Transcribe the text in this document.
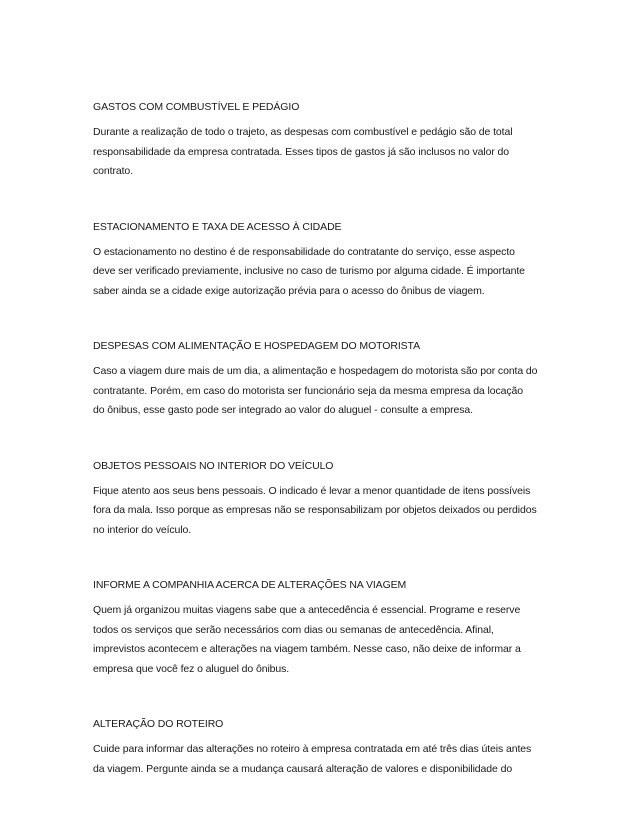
GASTOS COM COMBUSTÍVEL E PEDÁGIO

Durante a realização de todo o trajeto, as despesas com combustível e pedágio são de total
responsabilidade da empresa contratada. Esses tipos de gastos já são inclusos no valor do
contrato.

ESTACIONAMENTO E TAXA DE ACESSO À CIDADE

O estacionamento no destino é de responsabilidade do contratante do serviço, esse aspecto
deve ser verificado previamente, inclusive no caso de turismo por alguma cidade. É importante
saber ainda se a cidade exige autorização prévia para o acesso do ônibus de viagem.

DESPESAS COM ALIMENTAÇÃO E HOSPEDAGEM DO MOTORISTA

Caso a viagem dure mais de um dia, a alimentação e hospedagem do motorista são por conta do
contratante. Porém, em caso do motorista ser funcionário seja da mesma empresa da locação
do ônibus, esse gasto pode ser integrado ao valor do aluguel - consulte a empresa.

OBJETOS PESSOAIS NO INTERIOR DO VEÍCULO

Fique atento aos seus bens pessoais. O indicado é levar a menor quantidade de itens possíveis
fora da mala. Isso porque as empresas não se responsabilizam por objetos deixados ou perdidos
no interior do veículo.

INFORME A COMPANHIA ACERCA DE ALTERAÇÕES NA VIAGEM

Quem já organizou muitas viagens sabe que a antecedência é essencial. Programe e reserve
todos os serviços que serão necessários com dias ou semanas de antecedência. Afinal,
imprevistos acontecem e alterações na viagem também. Nesse caso, não deixe de informar a
empresa que você fez o aluguel do ônibus.

ALTERAÇÃO DO ROTEIRO

Cuide para informar das alterações no roteiro à empresa contratada em até três dias úteis antes
da viagem. Pergunte ainda se a mudança causará alteração de valores e disponibilidade do
